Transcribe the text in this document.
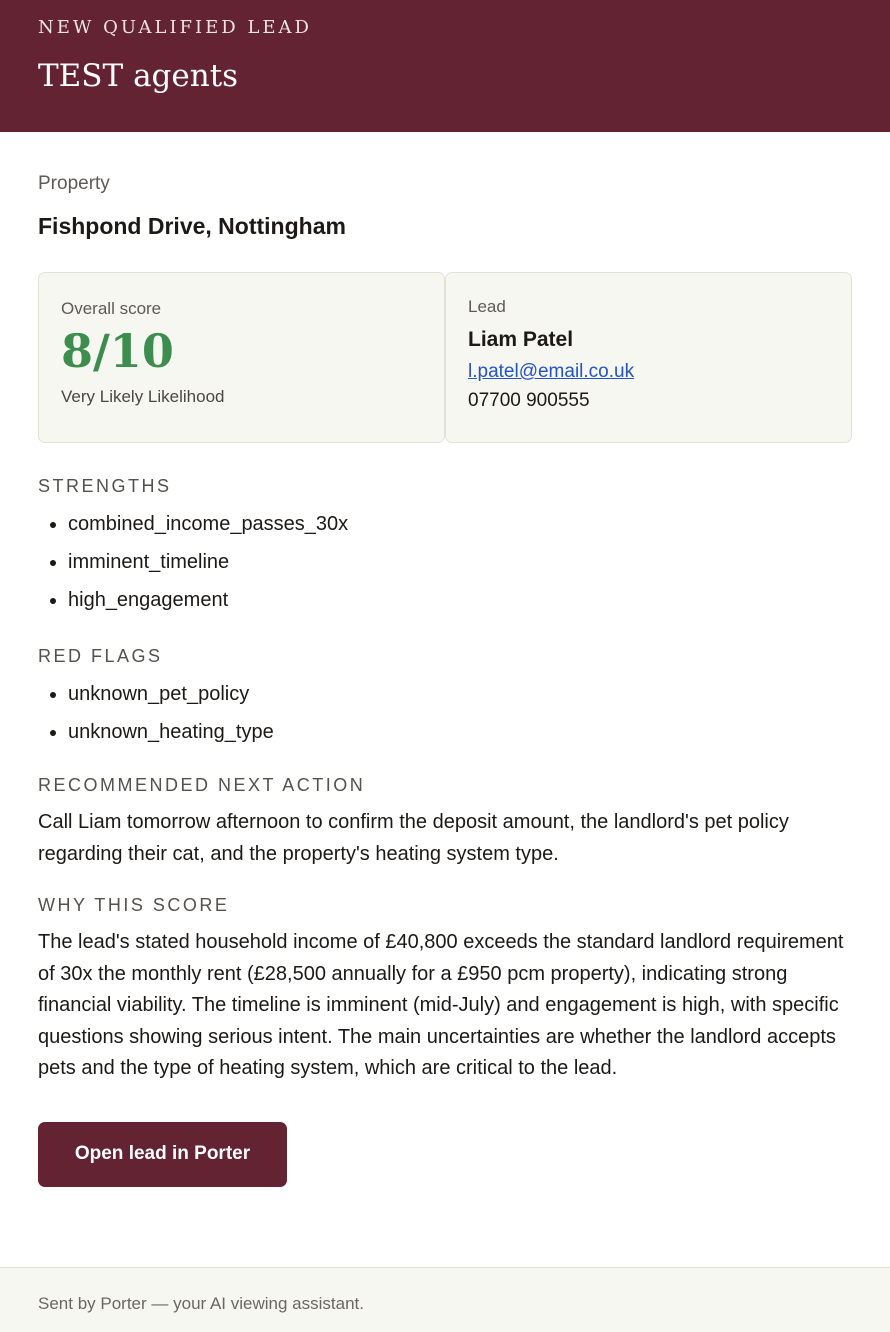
NEW QUALIFIED LEAD
TEST agents
Property
Fishpond Drive, Nottingham
Overall score
8/10
Very Likely Likelihood
Lead
Liam Patel
l.patel@email.co.uk
07700 900555
STRENGTHS
• combined_income_passes_30x
• imminent_timeline
• high_engagement
RED FLAGS
• unknown_pet_policy
• unknown_heating_type
RECOMMENDED NEXT ACTION
Call Liam tomorrow afternoon to confirm the deposit amount, the landlord's pet policy regarding their cat, and the property's heating system type.
WHY THIS SCORE
The lead's stated household income of £40,800 exceeds the standard landlord requirement of 30x the monthly rent (£28,500 annually for a £950 pcm property), indicating strong financial viability. The timeline is imminent (mid-July) and engagement is high, with specific questions showing serious intent. The main uncertainties are whether the landlord accepts pets and the type of heating system, which are critical to the lead.
Open lead in Porter
Sent by Porter — your AI viewing assistant.
